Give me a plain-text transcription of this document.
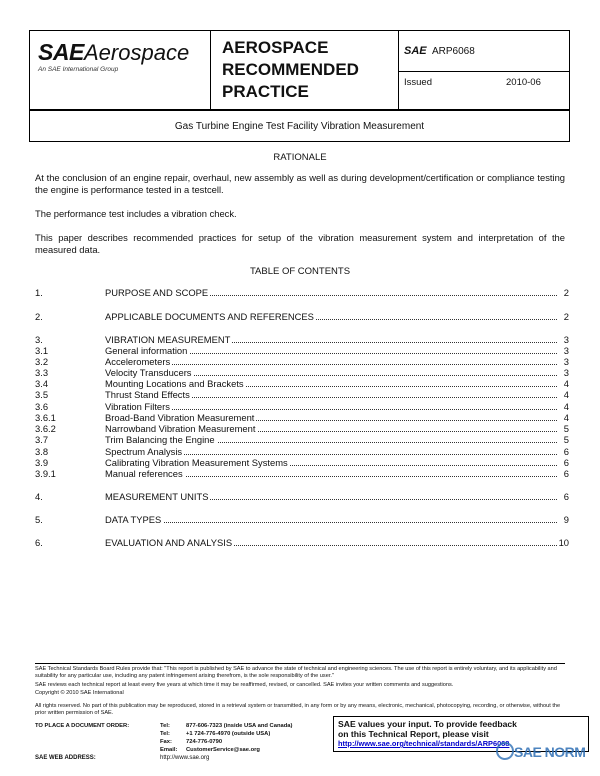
SAE Aerospace
An SAE International Group
AEROSPACE
RECOMMENDED
PRACTICE
SAE ARP6068
Issued	2010-06
Gas Turbine Engine Test Facility Vibration Measurement
RATIONALE
At the conclusion of an engine repair, overhaul, new assembly as well as during development/certification or compliance testing the engine is performance tested in a testcell.
The performance test includes a vibration check.
This paper describes recommended practices for setup of the vibration measurement system and interpretation of the measured data.
TABLE OF CONTENTS
1.	PURPOSE AND SCOPE	2
2.	APPLICABLE DOCUMENTS AND REFERENCES	2
3.	VIBRATION MEASUREMENT	3
3.1	General information	3
3.2	Accelerometers	3
3.3	Velocity Transducers	3
3.4	Mounting Locations and Brackets	4
3.5	Thrust Stand Effects	4
3.6	Vibration Filters	4
3.6.1	Broad-Band Vibration Measurement	4
3.6.2	Narrowband Vibration Measurement	5
3.7	Trim Balancing the Engine	5
3.8	Spectrum Analysis	6
3.9	Calibrating Vibration Measurement Systems	6
3.9.1	Manual references	6
4.	MEASUREMENT UNITS	6
5.	DATA TYPES	9
6.	EVALUATION AND ANALYSIS	10
SAE Technical Standards Board Rules provide that: "This report is published by SAE to advance the state of technical and engineering sciences. The use of this report is entirely voluntary, and its applicability and suitability for any particular use, including any patent infringement arising therefrom, is the sole responsibility of the user."
SAE reviews each technical report at least every five years at which time it may be reaffirmed, revised, or cancelled. SAE invites your written comments and suggestions.
Copyright © 2010 SAE International
All rights reserved. No part of this publication may be reproduced, stored in a retrieval system or transmitted, in any form or by any means, electronic, mechanical, photocopying, recording, or otherwise, without the prior written permission of SAE.
TO PLACE A DOCUMENT ORDER:	Tel:	877-606-7323 (inside USA and Canada)
Tel:	+1 724-776-4970 (outside USA)
Fax: 724-776-0790
Email: CustomerService@sae.org
SAE WEB ADDRESS:	http://www.sae.org
SAE values your input. To provide feedback
on this Technical Report, please visit
http://www.sae.org/technical/standards/ARP6068
SAE NORM
